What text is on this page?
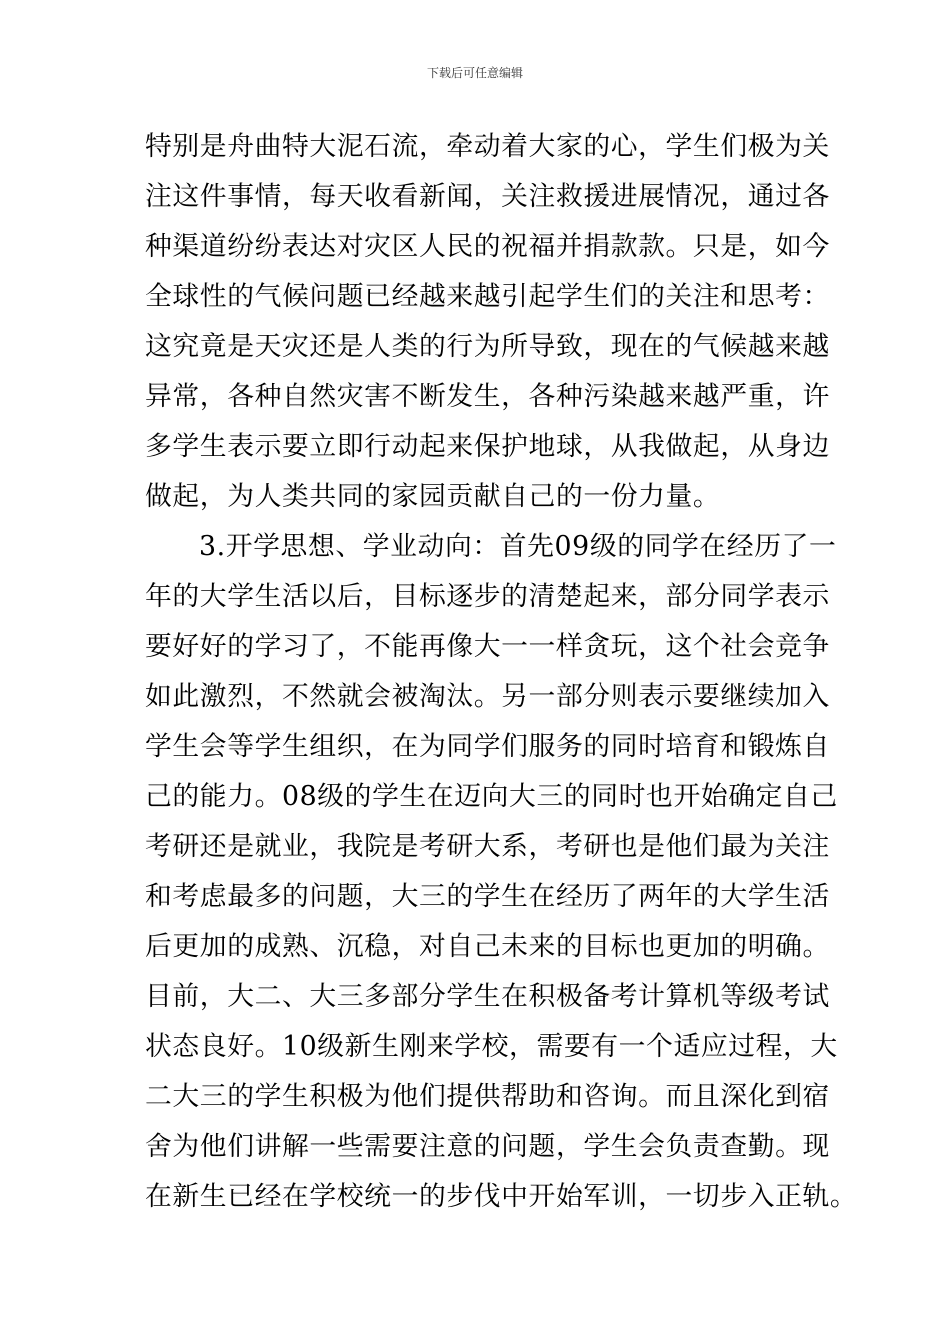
下载后可任意编辑
特别是舟曲特大泥石流，牵动着大家的心，学生们极为关
注这件事情，每天收看新闻，关注救援进展情况，通过各
种渠道纷纷表达对灾区人民的祝福并捐款款。只是，如今
全球性的气候问题已经越来越引起学生们的关注和思考：
这究竟是天灾还是人类的行为所导致，现在的气候越来越
异常，各种自然灾害不断发生，各种污染越来越严重，许
多学生表示要立即行动起来保护地球，从我做起，从身边
做起，为人类共同的家园贡献自己的一份力量。
3.开学思想、学业动向：首先09级的同学在经历了一
年的大学生活以后，目标逐步的清楚起来，部分同学表示
要好好的学习了，不能再像大一一样贪玩，这个社会竞争
如此激烈，不然就会被淘汰。另一部分则表示要继续加入
学生会等学生组织，在为同学们服务的同时培育和锻炼自
己的能力。08级的学生在迈向大三的同时也开始确定自己
考研还是就业，我院是考研大系，考研也是他们最为关注
和考虑最多的问题，大三的学生在经历了两年的大学生活
后更加的成熟、沉稳，对自己未来的目标也更加的明确。
目前，大二、大三多部分学生在积极备考计算机等级考试
状态良好。10级新生刚来学校，需要有一个适应过程，大
二大三的学生积极为他们提供帮助和咨询。而且深化到宿
舍为他们讲解一些需要注意的问题，学生会负责查勤。现
在新生已经在学校统一的步伐中开始军训，一切步入正轨。
